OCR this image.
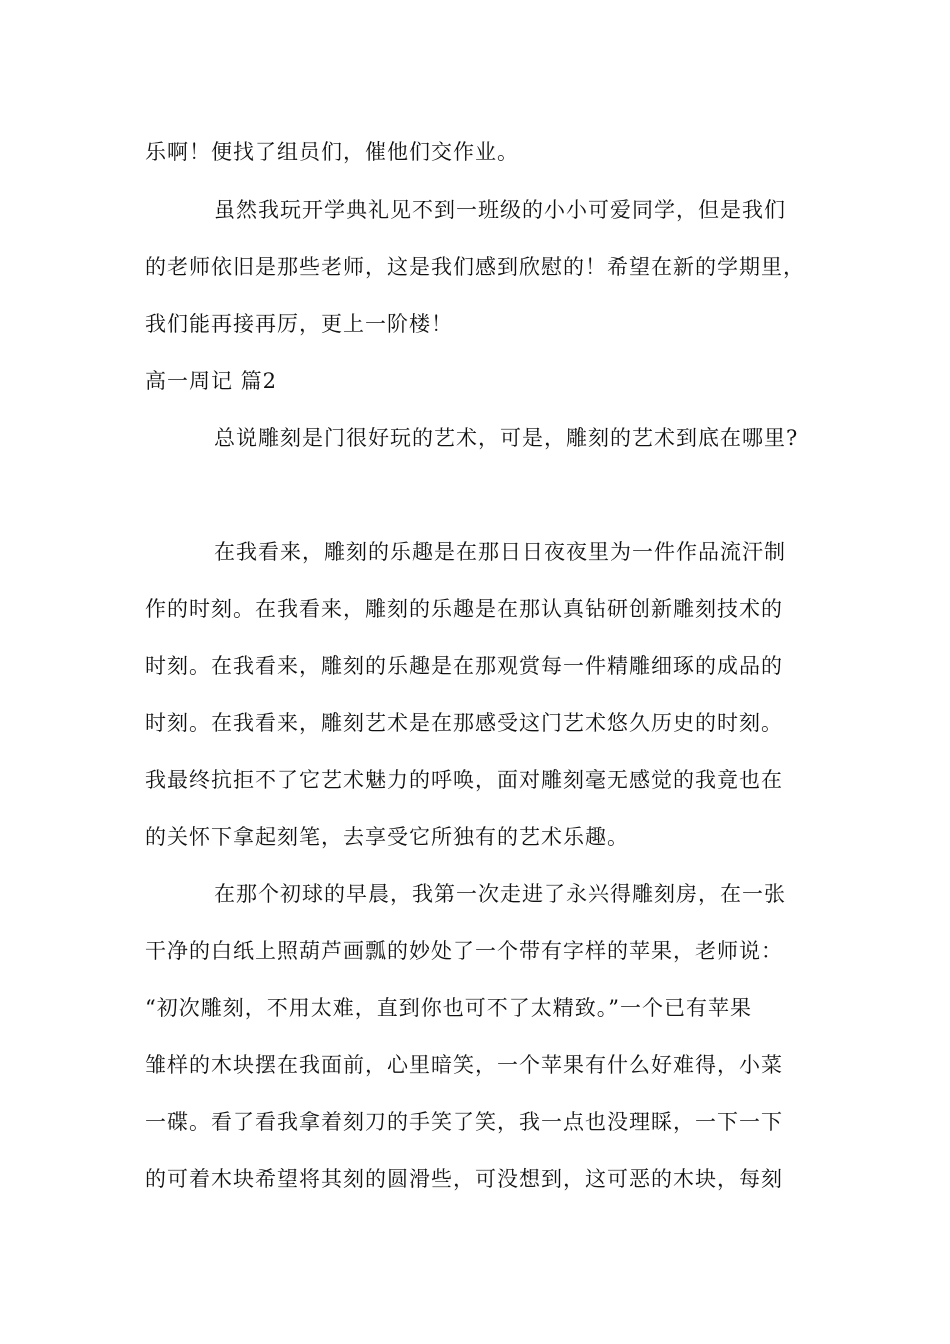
乐啊！便找了组员们，催他们交作业。

虽然我玩开学典礼见不到一班级的小小可爱同学，但是我们

的老师依旧是那些老师，这是我们感到欣慰的！希望在新的学期里，

我们能再接再厉，更上一阶楼！

高一周记 篇2

总说雕刻是门很好玩的艺术，可是，雕刻的艺术到底在哪里?

在我看来，雕刻的乐趣是在那日日夜夜里为一件作品流汗制

作的时刻。在我看来，雕刻的乐趣是在那认真钻研创新雕刻技术的

时刻。在我看来，雕刻的乐趣是在那观赏每一件精雕细琢的成品的

时刻。在我看来，雕刻艺术是在那感受这门艺术悠久历史的时刻。

我最终抗拒不了它艺术魅力的呼唤，面对雕刻毫无感觉的我竟也在

的关怀下拿起刻笔，去享受它所独有的艺术乐趣。

在那个初球的早晨，我第一次走进了永兴得雕刻房，在一张

干净的白纸上照葫芦画瓢的妙处了一个带有字样的苹果，老师说：

“初次雕刻，不用太难，直到你也可不了太精致。”一个已有苹果

雏样的木块摆在我面前，心里暗笑，一个苹果有什么好难得，小菜

一碟。看了看我拿着刻刀的手笑了笑，我一点也没理睬，一下一下

的可着木块希望将其刻的圆滑些，可没想到，这可恶的木块，每刻
